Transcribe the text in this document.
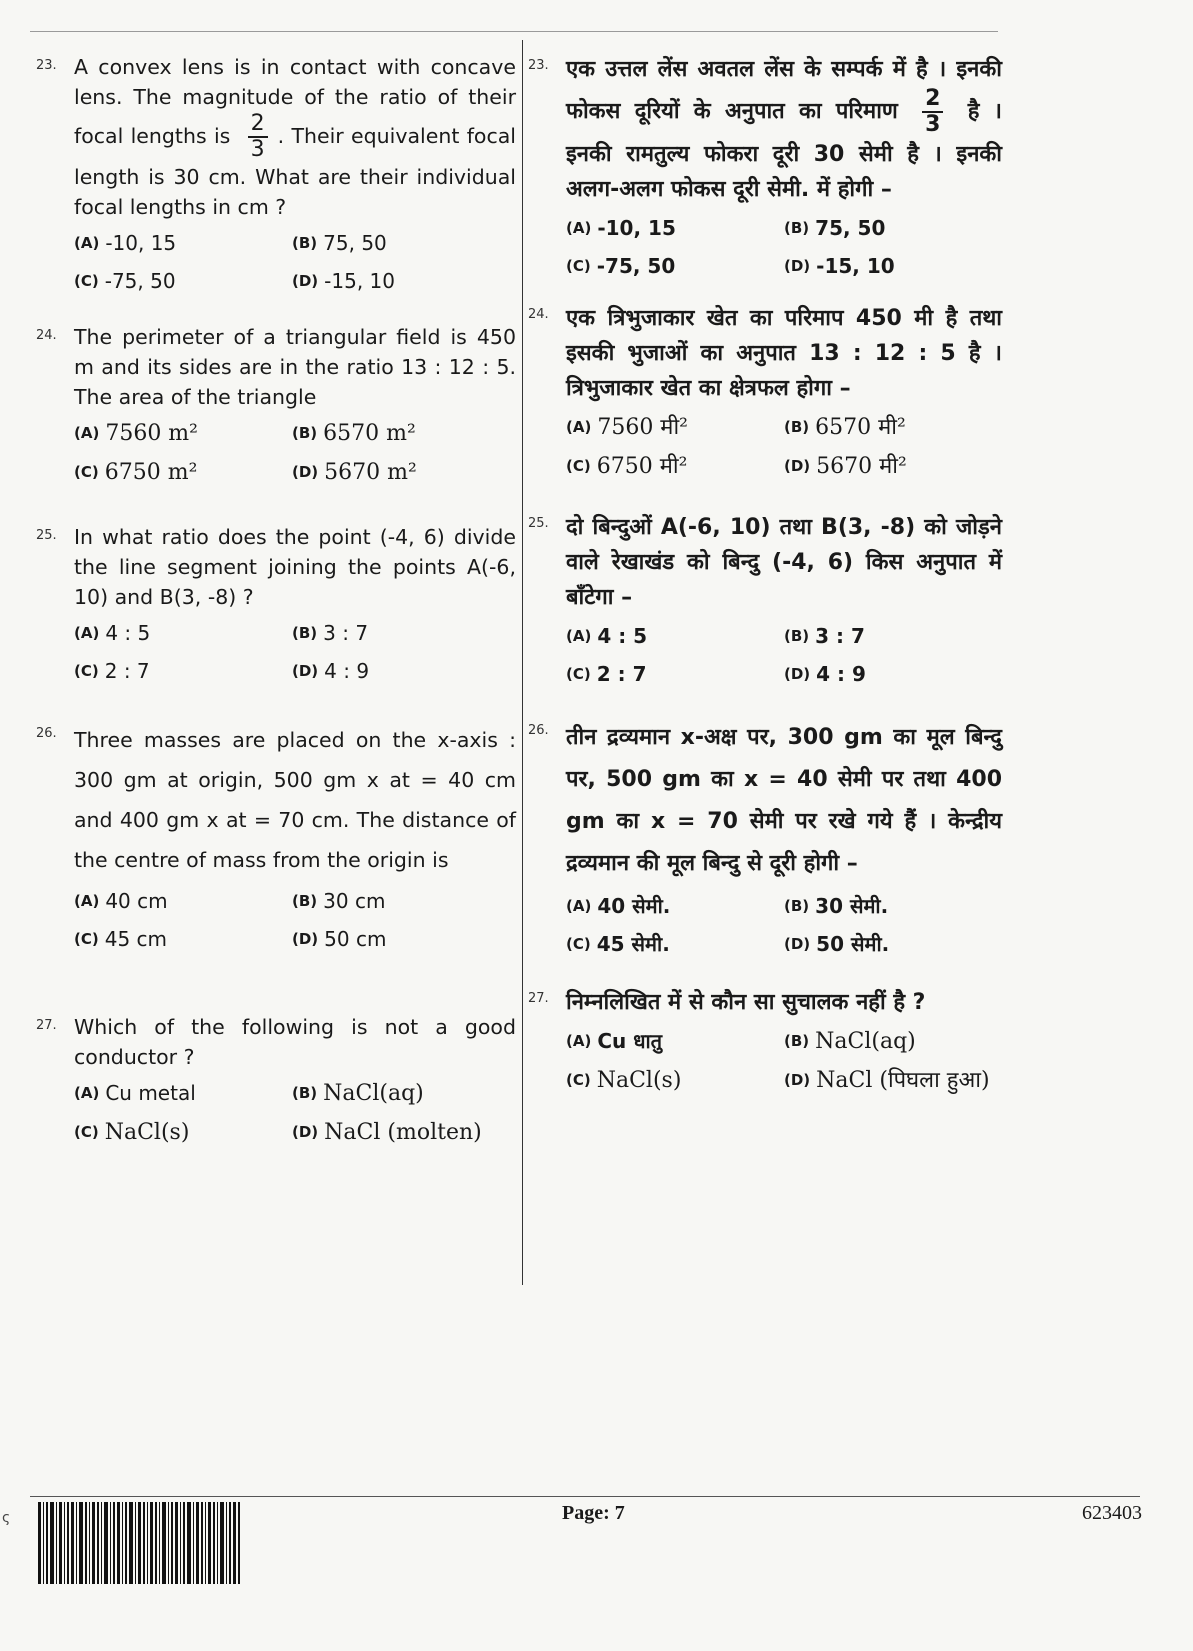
23. A convex lens is in contact with concave lens. The magnitude of the ratio of their focal lengths is $\frac{2}{3}$ . Their equivalent focal length is 30 cm. What are their individual focal lengths in cm ?
(A) -10, 15	(B) 75, 50
(C) -75, 50	(D) -15, 10
24. The perimeter of a triangular field is 450 m and its sides are in the ratio 13 : 12 : 5. The area of the triangle
(A) 7560 m²	(B) 6570 m²
(C) 6750 m²	(D) 5670 m²
25. In what ratio does the point (-4, 6) divide the line segment joining the points A(-6, 10) and B(3, -8) ?
(A) 4 : 5	(B) 3 : 7
(C) 2 : 7	(D) 4 : 9
26. Three masses are placed on the x-axis : 300 gm at origin, 500 gm x at = 40 cm and 400 gm x at = 70 cm. The distance of the centre of mass from the origin is
(A) 40 cm	(B) 30 cm
(C) 45 cm	(D) 50 cm
27. Which of the following is not a good conductor ?
(A) Cu metal	(B) NaCl(aq)
(C) NaCl(s)	(D) NaCl (molten)
23. एक उत्तल लेंस अवतल लेंस के सम्पर्क में है । इनकी फोकस दूरियों के अनुपात का परिमाण $\frac{2}{3}$ है । इनकी रामतुल्य फोकरा दूरी 30 सेमी है । इनकी अलग-अलग फोकस दूरी सेमी. में होगी –
(A) -10, 15	(B) 75, 50
(C) -75, 50	(D) -15, 10
24. एक त्रिभुजाकार खेत का परिमाप 450 मी है तथा इसकी भुजाओं का अनुपात 13 : 12 : 5 है । त्रिभुजाकार खेत का क्षेत्रफल होगा –
(A) 7560 मी²	(B) 6570 मी²
(C) 6750 मी²	(D) 5670 मी²
25. दो बिन्दुओं A(-6, 10) तथा B(3, -8) को जोड़ने वाले रेखाखंड को बिन्दु (-4, 6) किस अनुपात में बाँटेगा –
(A) 4 : 5	(B) 3 : 7
(C) 2 : 7	(D) 4 : 9
26. तीन द्रव्यमान x-अक्ष पर, 300 gm का मूल बिन्दु पर, 500 gm का x = 40 सेमी पर तथा 400 gm का x = 70 सेमी पर रखे गये हैं । केन्द्रीय द्रव्यमान की मूल बिन्दु से दूरी होगी –
(A) 40 सेमी.	(B) 30 सेमी.
(C) 45 सेमी.	(D) 50 सेमी.
27. निम्नलिखित में से कौन सा सुचालक नहीं है ?
(A) Cu धातु	(B) NaCl(aq)
(C) NaCl(s)	(D) NaCl (पिघला हुआ)
ς	Page: 7	623403
